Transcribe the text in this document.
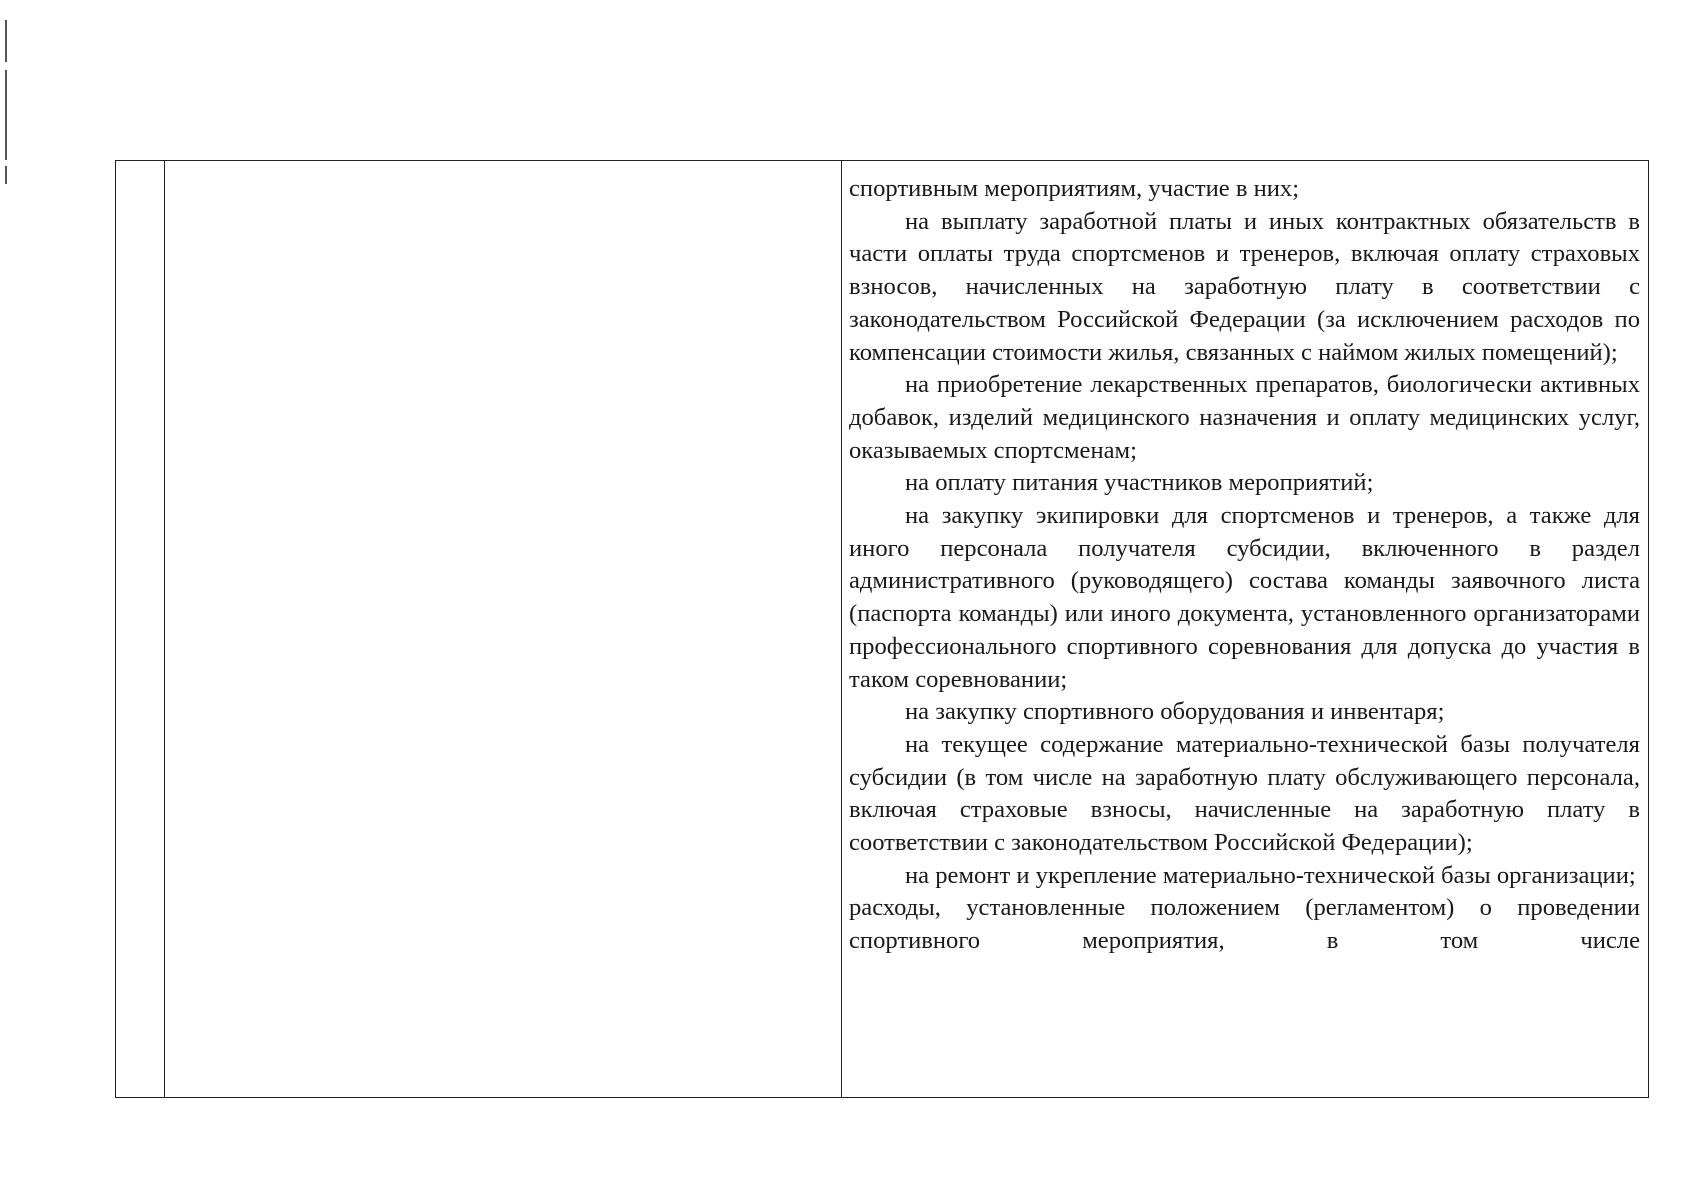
спортивным мероприятиям, участие в них;

на выплату заработной платы и иных контрактных обязательств в части оплаты труда спортсменов и тренеров, включая оплату страховых взносов, начисленных на заработную плату в соответствии с законодательством Российской Федерации (за исключением расходов по компенсации стоимости жилья, связанных с наймом жилых помещений);

на приобретение лекарственных препаратов, биологически активных добавок, изделий медицинского назначения и оплату медицинских услуг, оказываемых спортсменам;

на оплату питания участников мероприятий;

на закупку экипировки для спортсменов и тренеров, а также для иного персонала получателя субсидии, включенного в раздел административного (руководящего) состава команды заявочного листа (паспорта команды) или иного документа, установленного организаторами профессионального спортивного соревнования для допуска до участия в таком соревновании;

на закупку спортивного оборудования и инвентаря;

на текущее содержание материально-технической базы получателя субсидии (в том числе на заработную плату обслуживающего персонала, включая страховые взносы, начисленные на заработную плату в соответствии с законодательством Российской Федерации);

на ремонт и укрепление материально-технической базы организации;

расходы, установленные положением (регламентом) о проведении спортивного мероприятия, в том числе
